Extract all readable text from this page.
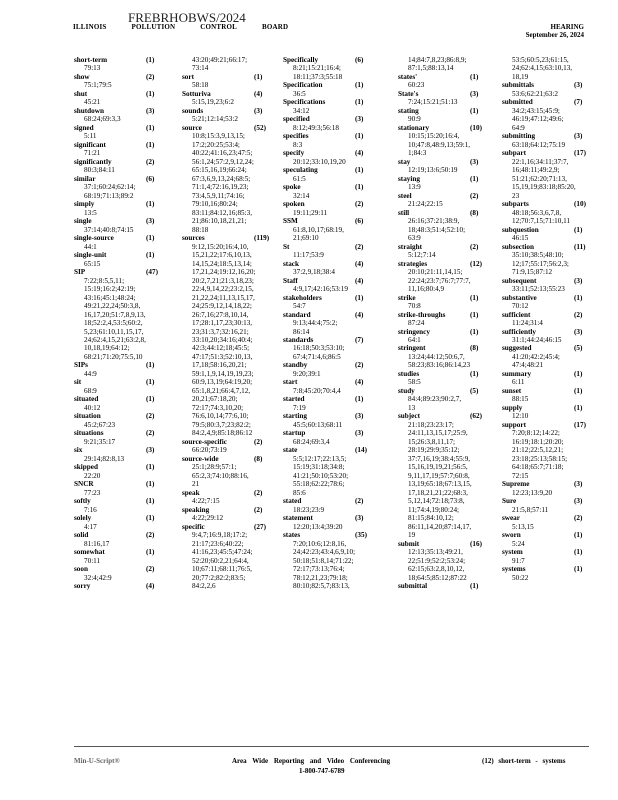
ILLINOIS	POLLUTION	CONTROL	BOARD
FREBRHOBWS/2024
HEARING
September 26, 2024
short-term	(1)
79:13
show	(2)
75:1;79:5
shut	(1)
45:21
shutdown	(3)
68:24;69:3,3
signed	(1)
5:11
significant	(1)
71:21
significantly	(2)
80:3;84:11
similar	(6)
37:1;60:24;62:14;
68:19;71:13;89:2
simply	(1)
13:5
single	(3)
37:14;40:8;74:15
single-source	(1)
44:1
single-unit	(1)
65:15
SIP	(47)
7:22;8:5,5,11;
15:19;16:2;42:19;
43:16;45:1;48:24;
49:21,22,24;50:3,8,
16,17,20;51:7,8,9,13,
18;52:2,4,53:5;60:2,
5,23;61:10,11,15,17,
24;62:4,15,21;63:2,8,
10,18,19;64:12;
68:21;71:20;75:5,10
SIPs	(1)
44:9
sit	(1)
68:9
situated	(1)
40:12
situation	(2)
45:2;67:23
situations	(2)
9:21;35:17
six	(3)
29:14;82:8,13
skipped	(1)
22:20
SNCR	(1)
77:23
softly	(1)
7:16
solely	(1)
4:17
solid	(2)
81:16,17
somewhat	(1)
70:11
soon	(2)
32:4;42:9
sorry	(4)
43:20;49:21;66:17;
73:14
sort	(1)
58:18
Sotturiva	(4)
5:15,19,23;6:2
sounds	(3)
5:21;12:14;53:2
source	(52)
10:8;15:3,9,13,15;
17:2;20:25;53:4;
40:22;41:16,23;47:5;
56:1,24;57:2,9,12,24;
65:15,16,19;66:24;
67:3,6,9,13,24;68:5;
71:1,4;72:16,19,23;
73:4,5,9,11;74:16;
79:10,16;80:24;
83:11;84:12,16;85:3,
21;86:10,18,21,21;
88:18
sources	(119)
9:12,15:20;16:4,10,
15,21,22;17:6,10,13,
14,15,24;18:5,13,14;
17,21,24;19:12,16,20;
20:2,7,21;21:3,18,23;
22:4,9,14,22;23:2,15,
21,22,24;11,13,15,17,
24;25:9,12,14,18,22;
26:7,16;27:8,10,14,
17;28:1,17,23;30:13,
23;31:3,7;32:16,21;
33:10,20;34:16;40:4;
42:3;44:12;18;45:5;
47:17;51:3;52:10,13,
17,18;58:16,20,21;
59:1,1,9,14,19,19,23;
60:9,13,19;64:19,20;
65:1,8,21;66:4,7,12,
20,21;67:18,20;
72:17;74:3,10,20;
76:6,10,14;77:6,10;
79:5;80:3,7;23;82:2;
84:2,4,9;85:18;86:12
source-specific	(2)
66:20;73:19
source-wide	(8)
25:1;28:9;57:1;
65:2,3;74:10;88:16,
21
speak	(2)
4:22;7:15
speaking	(2)
4:22;29:12
specific	(27)
9:4,7;16:9,18;17:2;
21:17;23:6;40:22;
41:16,23;45:5;47:24;
52:20;60:2,21;64:4,
10;67:11;68:11;76:5,
20;77:2;82:2;83:5;
84:2,2,6
Specifically	(6)
8:21;15:21;16:4;
18:11;37:3;55:18
Specification	(1)
36:5
Specifications	(1)
34:12
specified	(3)
8:12;49:3;56:18
specifies	(1)
8:3
specify	(4)
20:12;33:10,19,20
speculating	(1)
61:5
spoke	(1)
32:14
spoken	(2)
19:11;29:11
SSM	(6)
61:8,10,17;68:19,
21;69:10
St	(2)
11:17;53:9
stack	(4)
37:2,9,18;38:4
Staff	(4)
4:9,17;42:16;53:19
stakeholders	(1)
54:7
standard	(4)
9:13;44:4;75:2;
86:14
standards	(7)
16:18;50:3;53:10;
67:4;71:4,6;86:5
standby	(2)
9:20;39:1
start	(4)
7:8;45:20;70:4,4
started	(1)
7:19
starting	(3)
45:5;60:13;68:11
startup	(3)
68:24;69:3,4
state	(14)
5:5;12:17;22:13,5;
15:19;31:18;34:8;
41:21;50:10;53:20;
55:18;62:22;78:6;
85:6
stated	(2)
18:23;23:9
statement	(3)
12:20;13:4;39:20
states	(35)
7:20;10:6;12:8,16,
24;42:23;43:4,6,9,10;
50:18;51:8,14;71:22;
72:17;73:13;76:4;
78:12,21,23;79:18;
80:10;82:5,7;83:13,
14;84:7,8,23;86:8,9;
87:1,5;88:13,14
states'	(1)
60:23
State's	(3)
7:24;15:21;51:13
stating	(1)
90:9
stationary	(10)
10:15;15:20;16:4,
10;47:8,48:9,13;59:1,
1;84:3
stay	(3)
12:19;13:6;50:19
staying	(1)
13:9
steel	(2)
21:24;22:15
still	(8)
26:16;37:21;38:9,
18;48:3;51:4;52:10;
63:9
straight	(2)
5:12;7:14
strategies	(12)
20:10;21:11,14,15;
22:24;23:7;76:7;77:7,
11,16;80:4,9
strike	(1)
70:8
strike-throughs	(1)
87:24
stringency	(1)
64:1
stringent	(8)
13:24;44:12;50:6,7,
58:23;83:16;86:14,23
studies	(1)
58:5
study	(5)
84:4;89:23;90:2,7,
13
subject	(62)
21:18;23:23:17;
24:11,13,15,17;25:9,
15;26:3,8,11,17;
28:19;29:9;35:12;
37:7,16,19;38:4;55:9,
15,16,19,19,21;56:5,
9,11,17,19;57:7;60:8,
13,19;65:18;67:13,15,
17,18,21,21;22;68:3,
5,12,14;72:18;73:8,
11;74:4,19;80:24;
81:15;84:10,12;
86:11,14,20;87:14,17,
19
submit	(16)
12:13;35:13;49:21,
22;51:9;52:2;53:24;
62:15;63:2,8,10,12,
18;64:5;85:12;87:22
submittal	(1)
53:5;60:5,23;61:15,
24;62:4,15;63:10,13,
18,19
submittals	(3)
53:6;62:21;63:2
submitted	(7)
34:2;43:15;45:9;
46:19;47:12;49:6;
64:9
submitting	(3)
63:18;64:12;75:19
subpart	(17)
22:1,16;34:11;37:7,
16;48:11;49:2,9;
51:21;62:20;71:13,
15,19,19;83:18;85:20,
23
subparts	(10)
48:18;56:3,6,7,8,
12;70:7,15;71:10,11
subquestion	(1)
46:15
subsection	(11)
35:10;38:5;48:10;
12;17;55:17;56:2,3;
71:9,15;87:12
subsequent	(3)
33:11;52:13;55:23
substantive	(1)
70:12
sufficient	(2)
11:24;31:4
sufficiently	(3)
31:1;44:24;46:15
suggested	(5)
41:20;42:2;45:4;
47:4;48:21
summary	(1)
6:11
sunset	(1)
88:15
supply	(1)
12:10
support	(17)
7:20;8:12;14:22;
16:19;18:1;20:20;
21:12;22:5,12,21;
23:18;25:13;58:15;
64:18;65:7;71:18;
72:15
Supreme	(3)
12:23;13:9,20
Sure	(3)
21:5,8;57:11
swear	(2)
5:13,15
sworn	(1)
5:24
system	(1)
91:7
systems	(1)
50:22
Min-U-Script®	Area Wide Reporting and Video Conferencing
1-800-747-6789
(12) short-term - systems
